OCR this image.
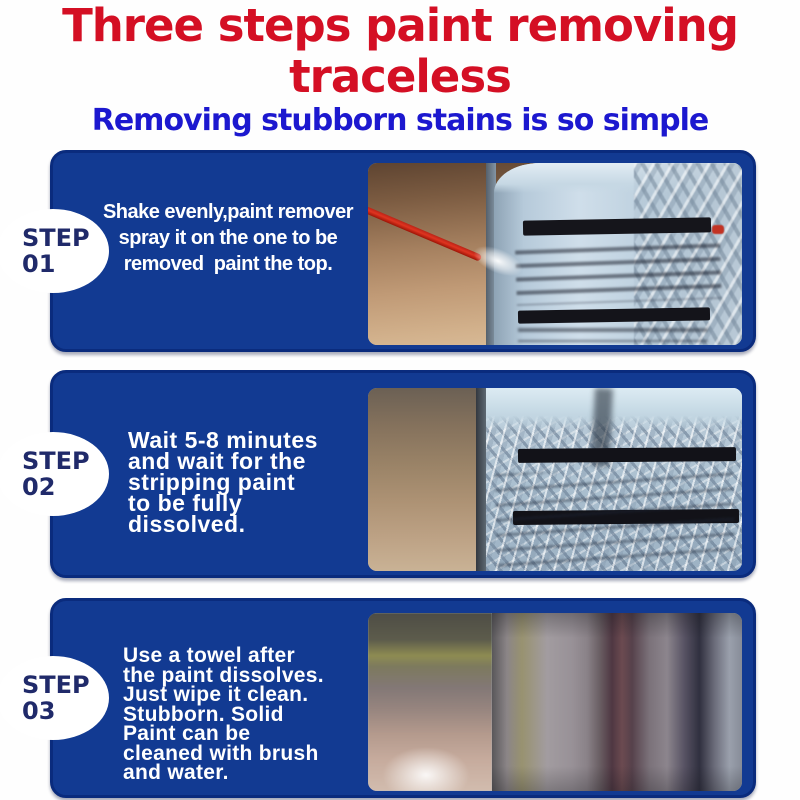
Three steps paint removing
traceless
Removing stubborn stains is so simple
STEP
01
Shake evenly,paint remover
spray it on the one to be
removed  paint the top.
STEP
02
Wait 5-8 minutes
and wait for the
stripping paint
to be fully
dissolved.
STEP
03
Use a towel after
the paint dissolves.
Just wipe it clean.
Stubborn. Solid
Paint can be
cleaned with brush
and water.
